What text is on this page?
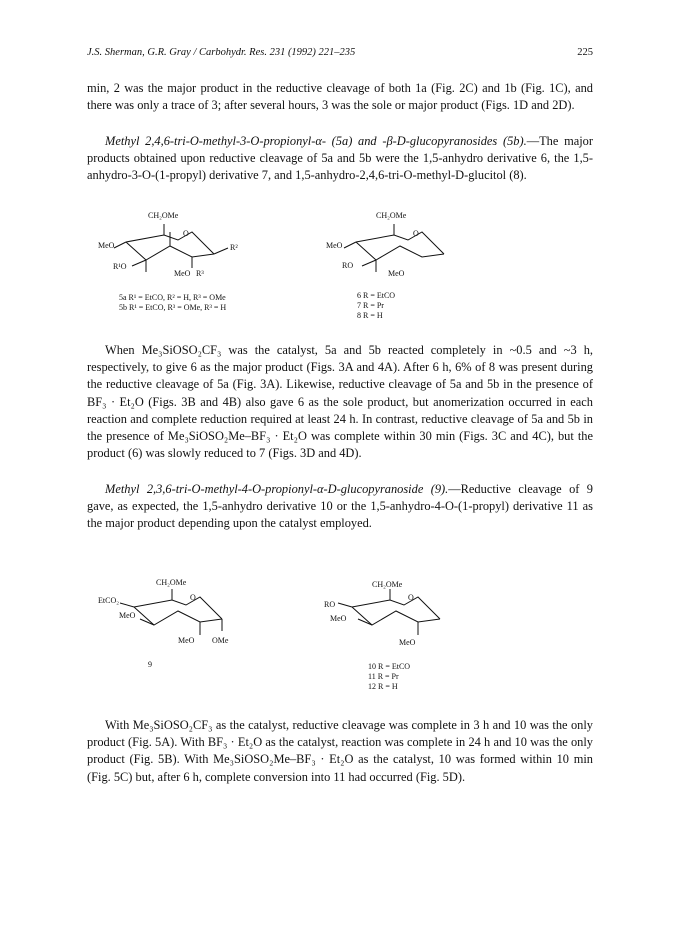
J.S. Sherman, G.R. Gray / Carbohydr. Res. 231 (1992) 221–235	225

min, 2 was the major product in the reductive cleavage of both 1a (Fig. 2C) and 1b (Fig. 1C), and there was only a trace of 3; after several hours, 3 was the sole or major product (Figs. 1D and 2D).

Methyl 2,4,6-tri-O-methyl-3-O-propionyl-α- (5a) and -β-D-glucopyranosides (5b).—The major products obtained upon reductive cleavage of 5a and 5b were the 1,5-anhydro derivative 6, the 1,5-anhydro-3-O-(1-propyl) derivative 7, and 1,5-anhydro-2,4,6-tri-O-methyl-D-glucitol (8).

CH₂OMe
O
MeO
R¹O
R²
MeO R³
5a R¹ = EtCO, R² = H, R³ = OMe
5b R¹ = EtCO, R³ = OMe, R³ = H
CH₂OMe
O
MeO
RO
MeO
6 R = EtCO
7 R = Pr
8 R = H

When Me₃SiOSO₂CF₃ was the catalyst, 5a and 5b reacted completely in ~0.5 and ~3 h, respectively, to give 6 as the major product (Figs. 3A and 4A). After 6 h, 6% of 8 was present during the reductive cleavage of 5a (Fig. 3A). Likewise, reductive cleavage of 5a and 5b in the presence of BF₃ · Et₂O (Figs. 3B and 4B) also gave 6 as the sole product, but anomerization occurred in each reaction and complete reduction required at least 24 h. In contrast, reductive cleavage of 5a and 5b in the presence of Me₃SiOSO₂Me–BF₃ · Et₂O was complete within 30 min (Figs. 3C and 4C), but the product (6) was slowly reduced to 7 (Figs. 3D and 4D).

Methyl 2,3,6-tri-O-methyl-4-O-propionyl-α-D-glucopyranoside (9).—Reductive cleavage of 9 gave, as expected, the 1,5-anhydro derivative 10 or the 1,5-anhydro-4-O-(1-propyl) derivative 11 as the major product depending upon the catalyst employed.

CH₂OMe
O
EtCO₂
MeO
MeO OMe
9
CH₂OMe
O
RO
MeO
MeO
10 R = EtCO
11 R = Pr
12 R = H

With Me₃SiOSO₂CF₃ as the catalyst, reductive cleavage was complete in 3 h and 10 was the only product (Fig. 5A). With BF₃ · Et₂O as the catalyst, reaction was complete in 24 h and 10 was the only product (Fig. 5B). With Me₃SiOSO₂Me–BF₃ · Et₂O as the catalyst, 10 was formed within 10 min (Fig. 5C) but, after 6 h, complete conversion into 11 had occurred (Fig. 5D).
